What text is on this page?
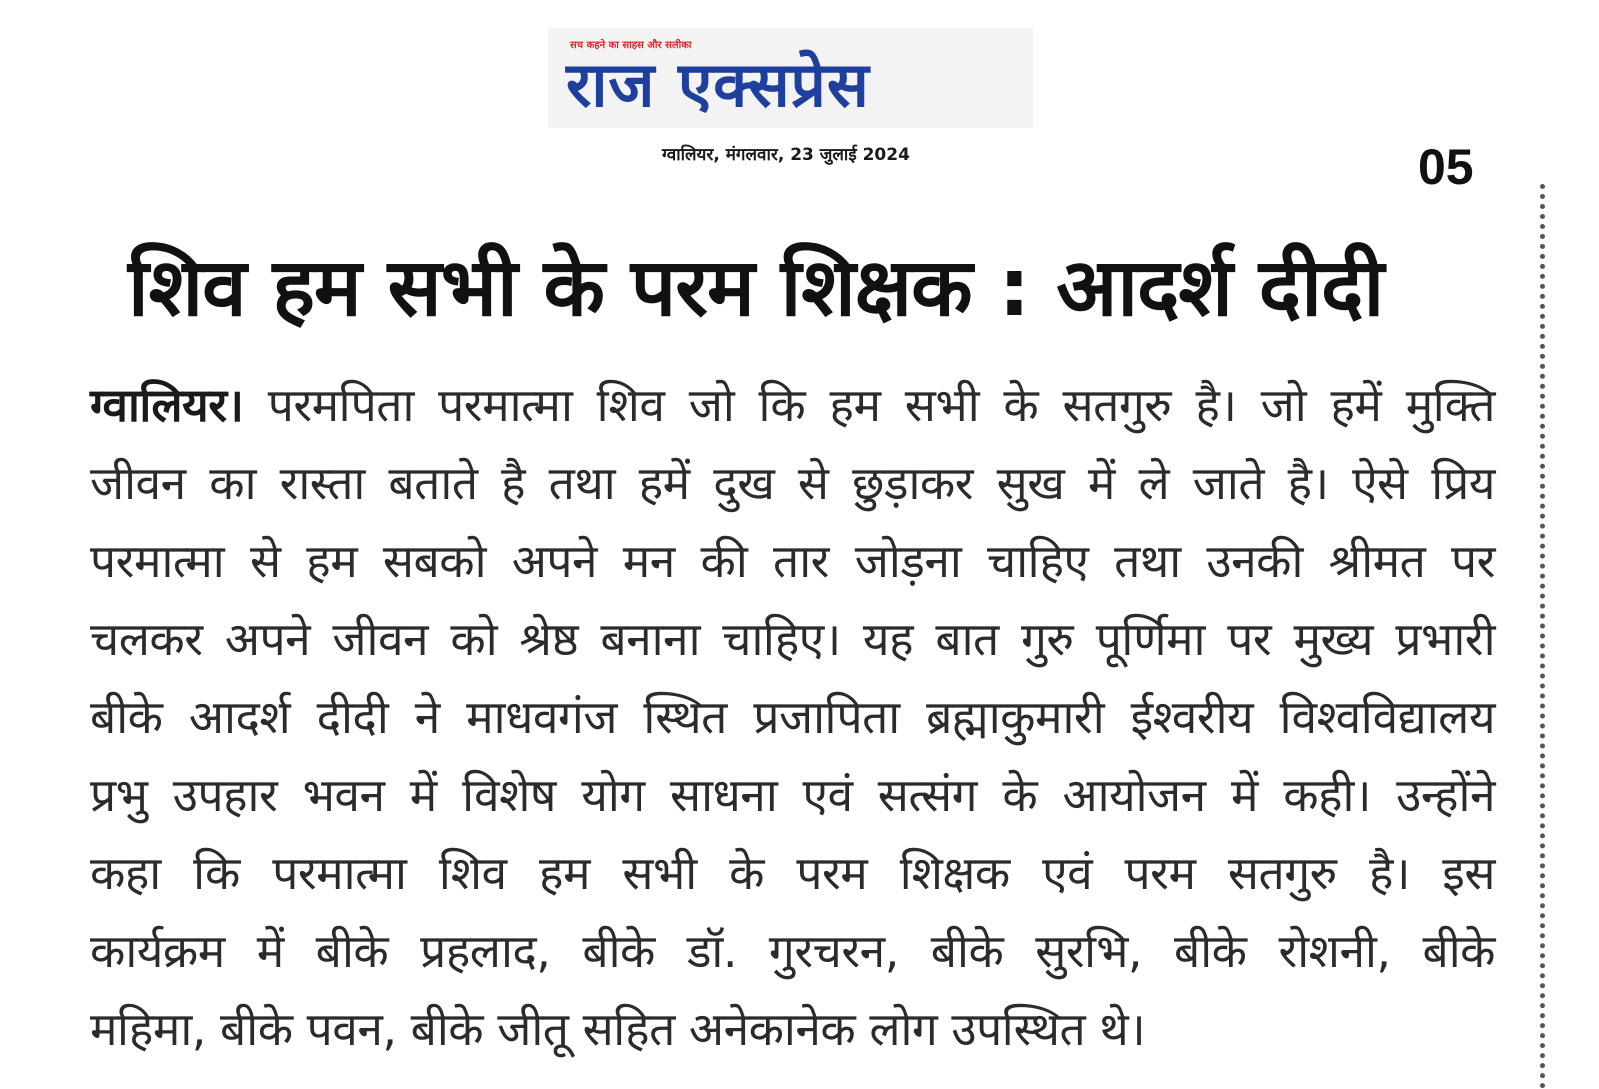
सच कहने का साहस और सलीका
राज एक्सप्रेस
ग्वालियर, मंगलवार, 23 जुलाई 2024	05
शिव हम सभी के परम शिक्षक : आदर्श दीदी
ग्वालियर। परमपिता परमात्मा शिव जो कि हम सभी के सतगुरु है। जो हमें मुक्ति
जीवन का रास्ता बताते है तथा हमें दुख से छुड़ाकर सुख में ले जाते है। ऐसे प्रिय
परमात्मा से हम सबको अपने मन की तार जोड़ना चाहिए तथा उनकी श्रीमत पर
चलकर अपने जीवन को श्रेष्ठ बनाना चाहिए। यह बात गुरु पूर्णिमा पर मुख्य प्रभारी
बीके आदर्श दीदी ने माधवगंज स्थित प्रजापिता ब्रह्माकुमारी ईश्वरीय विश्वविद्यालय
प्रभु उपहार भवन में विशेष योग साधना एवं सत्संग के आयोजन में कही। उन्होंने
कहा कि परमात्मा शिव हम सभी के परम शिक्षक एवं परम सतगुरु है। इस
कार्यक्रम में बीके प्रहलाद, बीके डॉ. गुरचरन, बीके सुरभि, बीके रोशनी, बीके
महिमा, बीके पवन, बीके जीतू सहित अनेकानेक लोग उपस्थित थे।
